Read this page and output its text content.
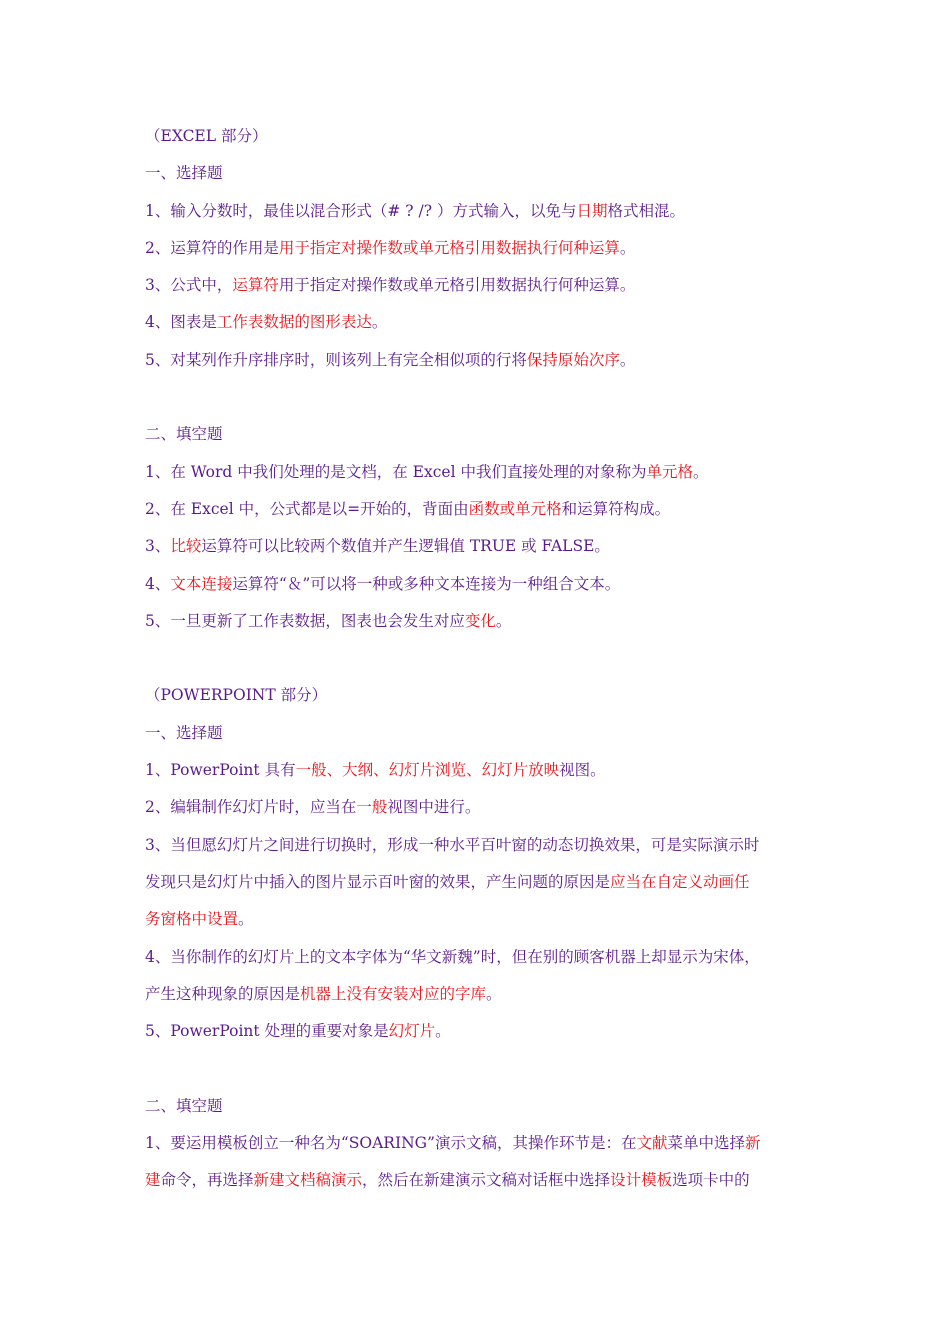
（EXCEL 部分）
一、选择题
1、输入分数时，最佳以混合形式（# ? /? ）方式输入，以免与日期格式相混。
2、运算符的作用是用于指定对操作数或单元格引用数据执行何种运算。
3、公式中，运算符用于指定对操作数或单元格引用数据执行何种运算。
4、图表是工作表数据的图形表达。
5、对某列作升序排序时，则该列上有完全相似项的行将保持原始次序。
二、填空题
1、在 Word 中我们处理的是文档，在 Excel 中我们直接处理的对象称为单元格。
2、在 Excel 中，公式都是以=开始的，背面由函数或单元格和运算符构成。
3、比较运算符可以比较两个数值并产生逻辑值 TRUE 或 FALSE。
4、文本连接运算符“＆”可以将一种或多种文本连接为一种组合文本。
5、一旦更新了工作表数据，图表也会发生对应变化。
（POWERPOINT 部分）
一、选择题
1、PowerPoint 具有一般、大纲、幻灯片浏览、幻灯片放映视图。
2、编辑制作幻灯片时，应当在一般视图中进行。
3、当但愿幻灯片之间进行切换时，形成一种水平百叶窗的动态切换效果，可是实际演示时
发现只是幻灯片中插入的图片显示百叶窗的效果，产生问题的原因是应当在自定义动画任
务窗格中设置。
4、当你制作的幻灯片上的文本字体为“华文新魏”时，但在别的顾客机器上却显示为宋体，
产生这种现象的原因是机器上没有安装对应的字库。
5、PowerPoint 处理的重要对象是幻灯片。
二、填空题
1、要运用模板创立一种名为“SOARING”演示文稿，其操作环节是：在文献菜单中选择新
建命令，再选择新建文档稿演示，然后在新建演示文稿对话框中选择设计模板选项卡中的
